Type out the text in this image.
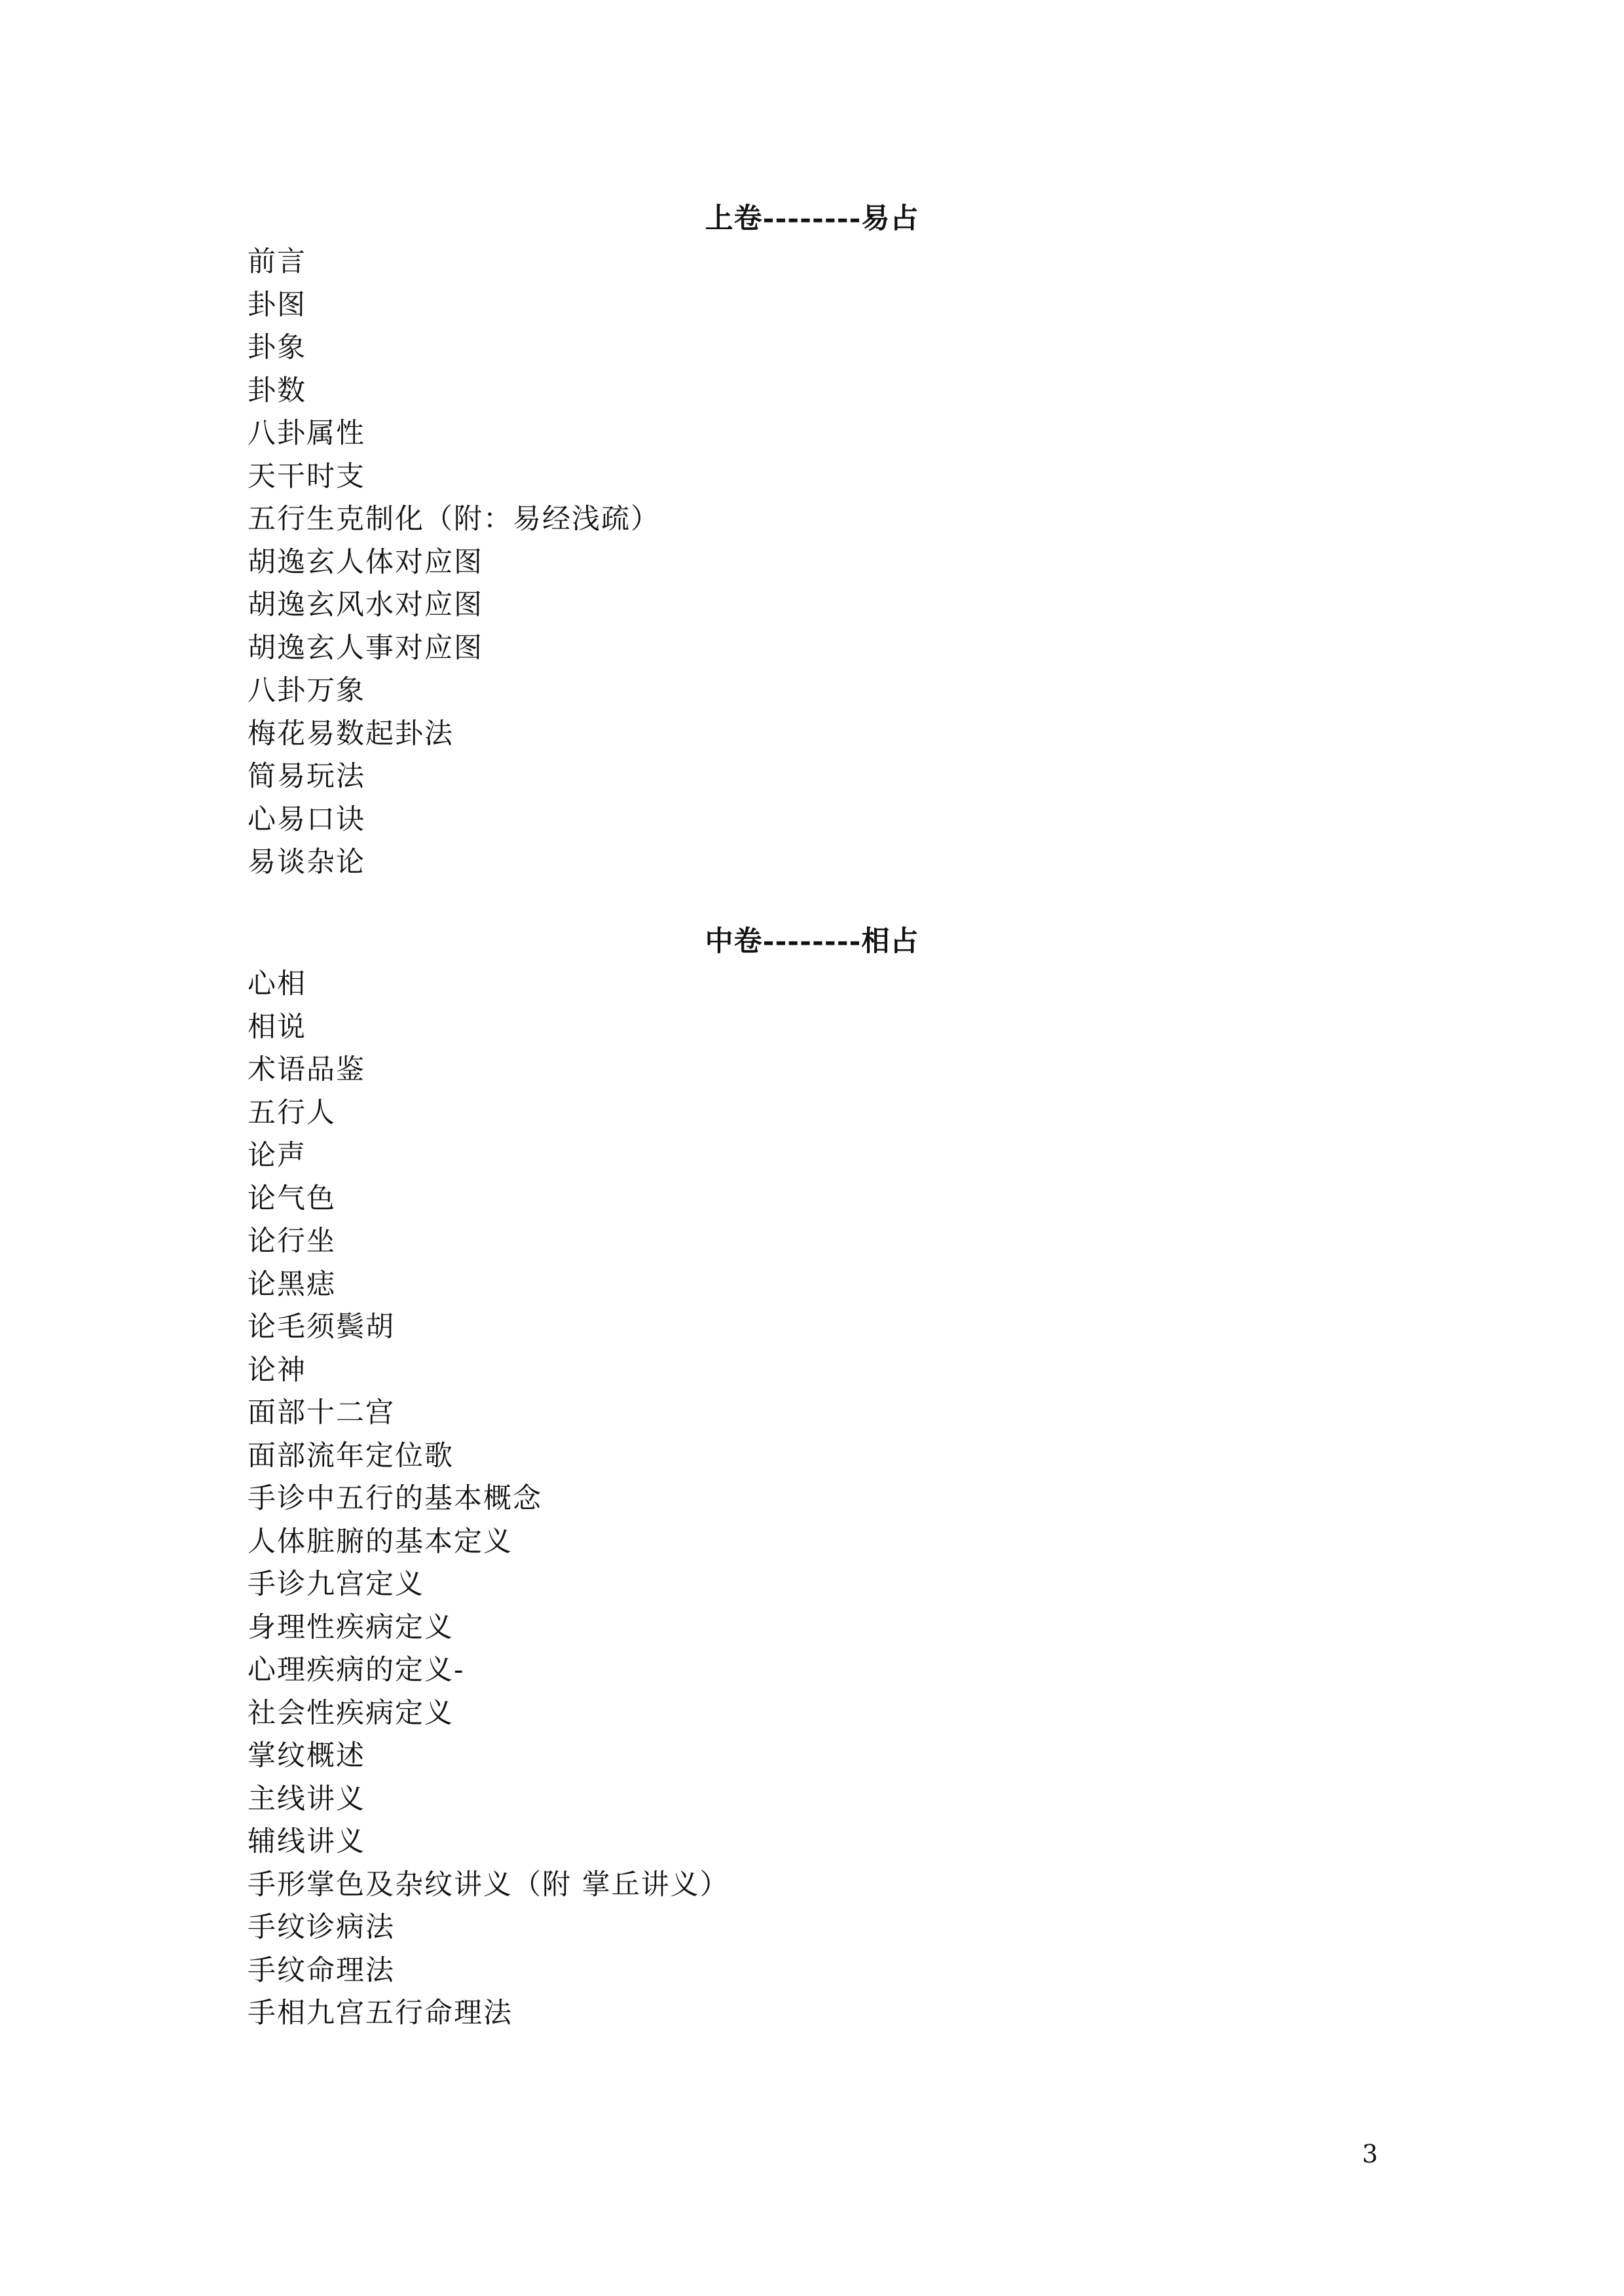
上卷--------易占
前言
卦图
卦象
卦数
八卦属性
天干时支
五行生克制化（附：易经浅疏）
胡逸玄人体对应图
胡逸玄风水对应图
胡逸玄人事对应图
八卦万象
梅花易数起卦法
简易玩法
心易口诀
易谈杂论
中卷--------相占
心相
相说
术语品鉴
五行人
论声
论气色
论行坐
论黑痣
论毛须鬓胡
论神
面部十二宫
面部流年定位歌
手诊中五行的基本概念
人体脏腑的基本定义
手诊九宫定义
身理性疾病定义
心理疾病的定义-
社会性疾病定义
掌纹概述
主线讲义
辅线讲义
手形掌色及杂纹讲义（附 掌丘讲义）
手纹诊病法
手纹命理法
手相九宫五行命理法
3
